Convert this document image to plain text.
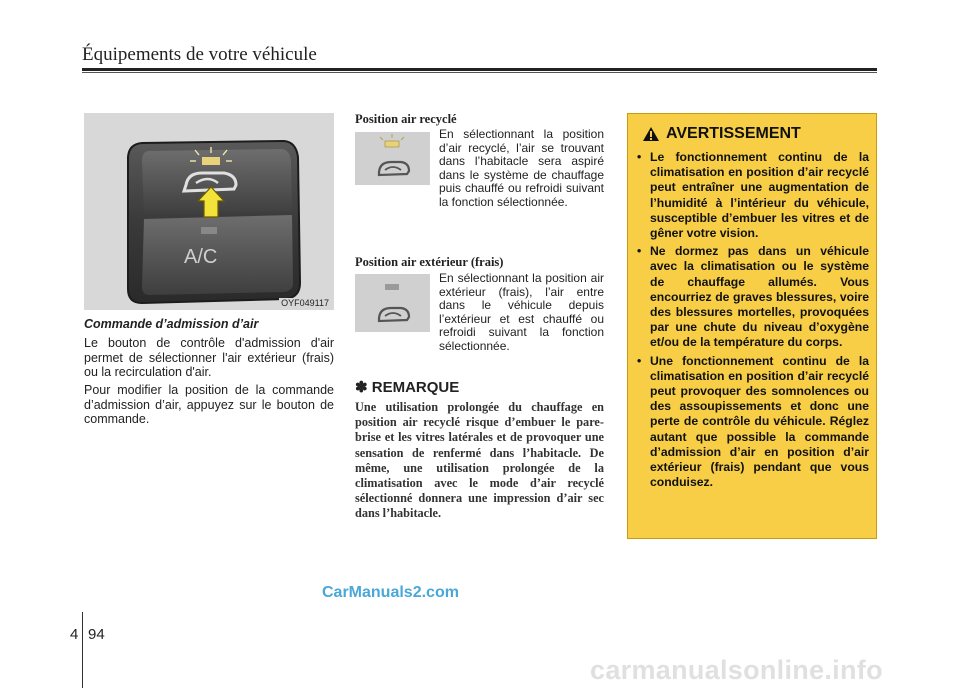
Équipements de votre véhicule
A/C
OYF049117
Commande d’admission d’air

Le bouton de contrôle d'admission d'air permet de sélectionner l'air extérieur (frais) ou la recirculation d'air.

Pour modifier la position de la commande d’admission d’air, appuyez sur le bouton de commande.

Position air recyclé

En sélectionnant la position d’air recyclé, l’air se trouvant dans l’habitacle sera aspiré dans le système de chauffage puis chauffé ou refroidi suivant la fonction sélectionnée.

Position air extérieur (frais)

En sélectionnant la position air extérieur (frais), l’air entre dans le véhicule depuis l’extérieur et est chauffé ou refroidi suivant la fonction sélectionnée.

✽ REMARQUE

Une utilisation prolongée du chauffage en position air recyclé risque d’embuer le pare-brise et les vitres latérales et de provoquer une sensation de renfermé dans l’habitacle. De même, une utilisation prolongée de la climatisation avec le mode d’air recyclé sélectionné donnera une impression d’air sec dans l’habitacle.

AVERTISSEMENT
• Le fonctionnement continu de la climatisation en position d’air recyclé peut entraîner une augmentation de l’humidité à l’intérieur du véhicule, susceptible d’embuer les vitres et de gêner votre vision.
• Ne dormez pas dans un véhicule avec la climatisation ou le système de chauffage allumés. Vous encourriez de graves blessures, voire des blessures mortelles, provoquées par une chute du niveau d’oxygène et/ou de la température du corps.
• Une fonctionnement continu de la climatisation en position d’air recyclé peut provoquer des somnolences ou des assoupissements et donc une perte de contrôle du véhicule. Réglez autant que possible la commande d’admission d’air en position d’air extérieur (frais) pendant que vous conduisez.
CarManuals2.com
4 94
carmanualsonline.info
